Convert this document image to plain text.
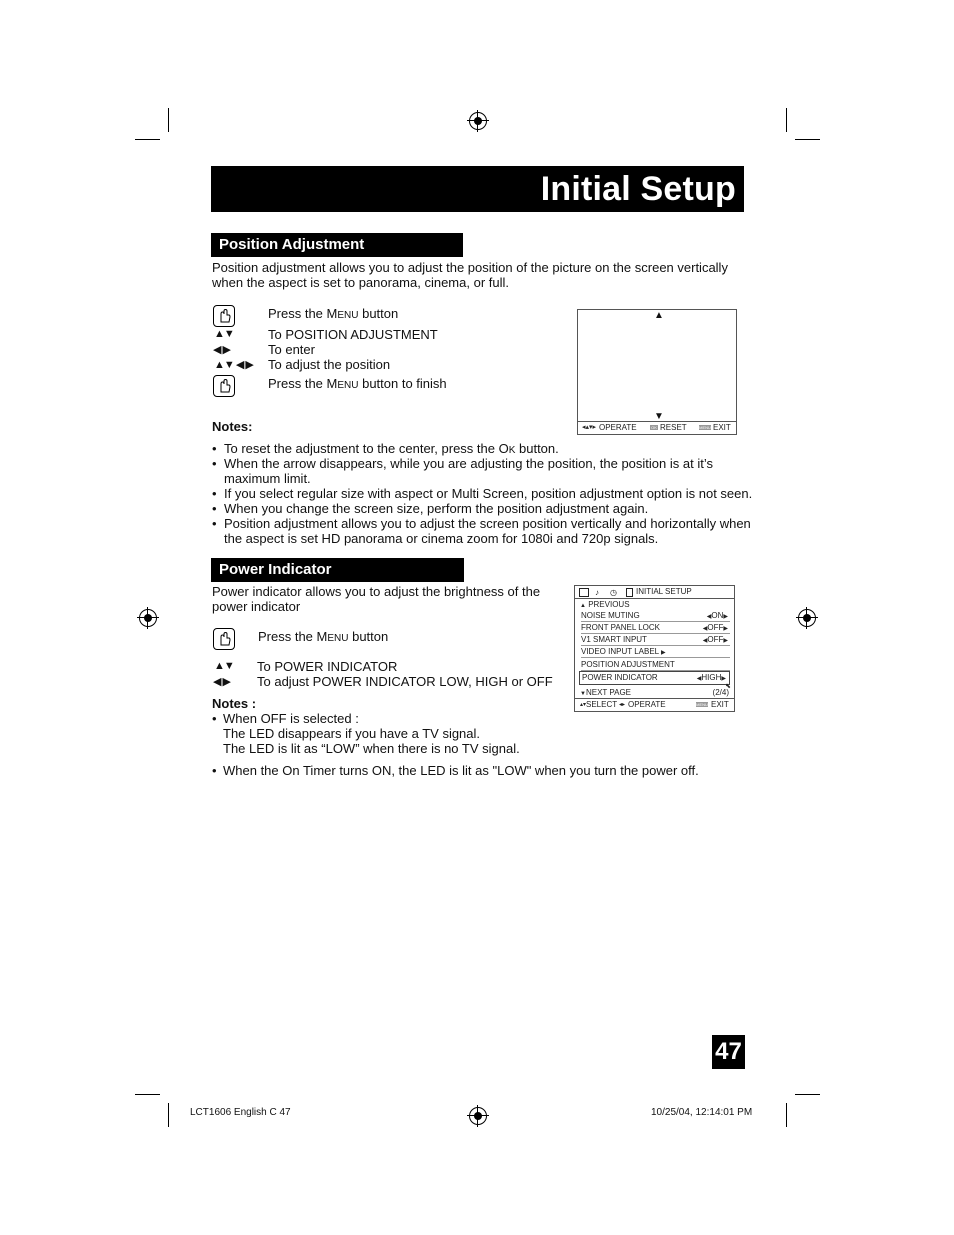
Initial Setup
Position Adjustment
Position adjustment allows you to adjust the position of the picture on the screen vertically
when the aspect is set to panorama, cinema, or full.
Press the MENU button
▲▼	To POSITION ADJUSTMENT
◀ ▶	To enter
▲▼ ◀ ▶ To adjust the position
Press the MENU button to finish
▲
▼
◂▴▾▸ OPERATE	OK RESET	MENU EXIT
Notes:
• To reset the adjustment to the center, press the OK button.
• When the arrow disappears, while you are adjusting the position, the position is at it’s
maximum limit.
• If you select regular size with aspect or Multi Screen, position adjustment option is not seen.
• When you change the screen size, perform the position adjustment again.
• Position adjustment allows you to adjust the screen position vertically and horizontally when
the aspect is set HD panorama or cinema zoom for 1080i and 720p signals.
Power Indicator
Power indicator allows you to adjust the brightness of the
power indicator
Press the MENU button
▲▼ To POWER INDICATOR
◀ ▶ To adjust POWER INDICATOR LOW, HIGH or OFF
♪ ◷ INITIAL SETUP
▲ PREVIOUS
NOISE MUTING	◀ON▶
FRONT PANEL LOCK	◀OFF▶
V1 SMART INPUT	◀OFF▶
VIDEO INPUT LABEL ▶
POSITION ADJUSTMENT
POWER INDICATOR	◀HIGH▶
⬉
▼NEXT PAGE	(2/4)
▴▾ SELECT ◂▸ OPERATE	MENU EXIT
Notes :
• When OFF is selected :
The LED disappears if you have a TV signal.
The LED is lit as “LOW” when there is no TV signal.
• When the On Timer turns ON, the LED is lit as "LOW" when you turn the power off.
47
LCT1606 English C 47	10/25/04, 12:14:01 PM
